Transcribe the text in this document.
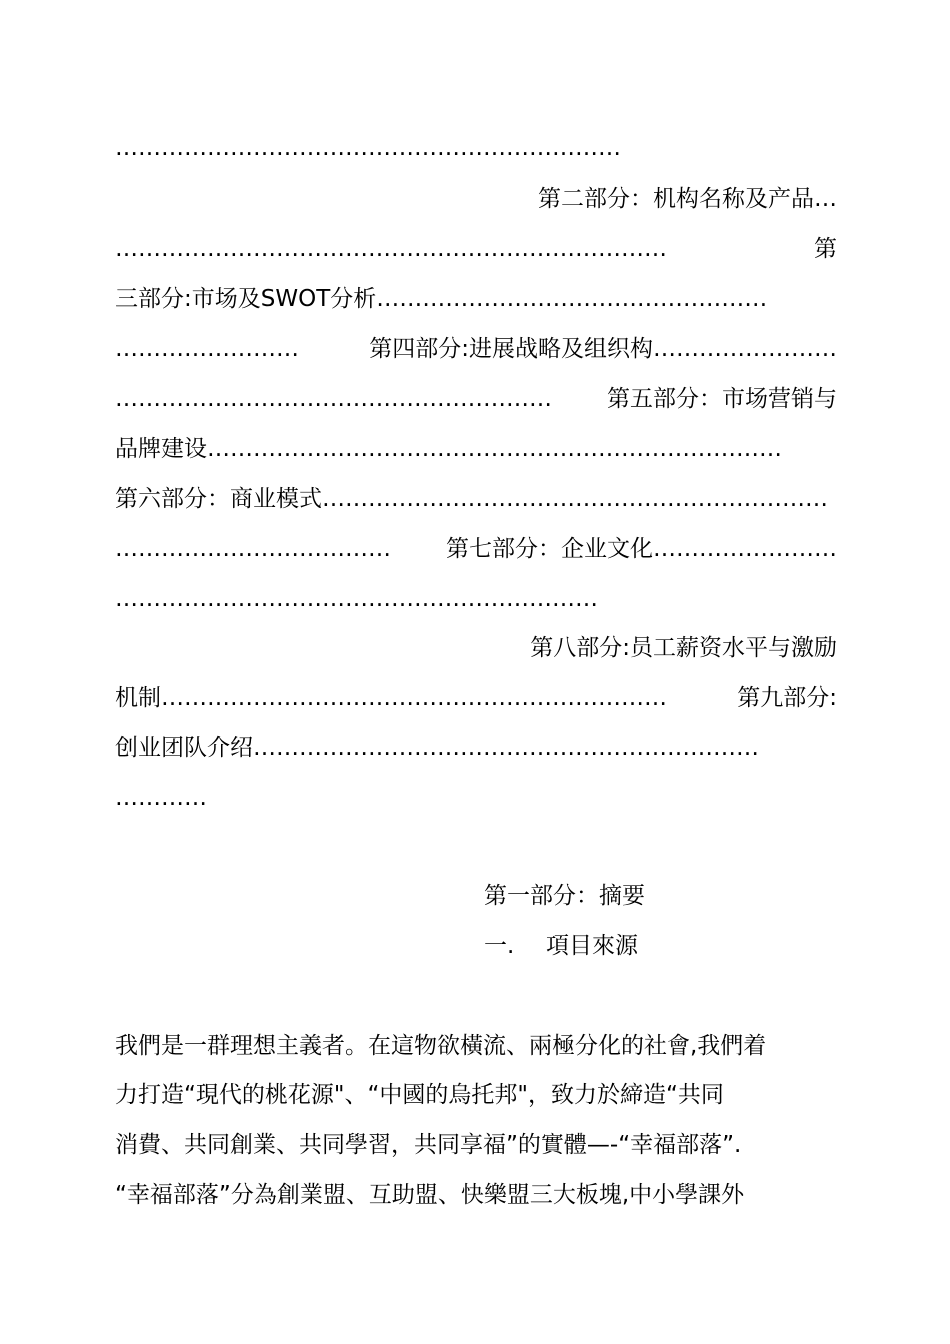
…………………………………………………………
第二部分：机构名称及产品…
………………………………………………………………	第
三部分:市场及SWOT分析……………………………………………
……………………	第四部分:进展战略及组织构……………………
………………………………………………… 第五部分：市场营销与
品牌建设…………………………………………………………………
第六部分：商业模式…………………………………………………………
……………………………… 第七部分：企业文化……………………
………………………………………………………
第八部分:员工薪资水平与激励
机制…………………………………………………………	第九部分:
创业团队介绍…………………………………………………………
…………
第一部分：摘要
一. 項目來源
我們是一群理想主義者。在這物欲橫流、兩極分化的社會,我們着
力打造“現代的桃花源"、“中國的烏托邦"，致力於締造“共同
消費、共同創業、共同學習，共同享福”的實體—-“幸福部落”.
“幸福部落”分為創業盟、互助盟、快樂盟三大板塊,中小學課外
